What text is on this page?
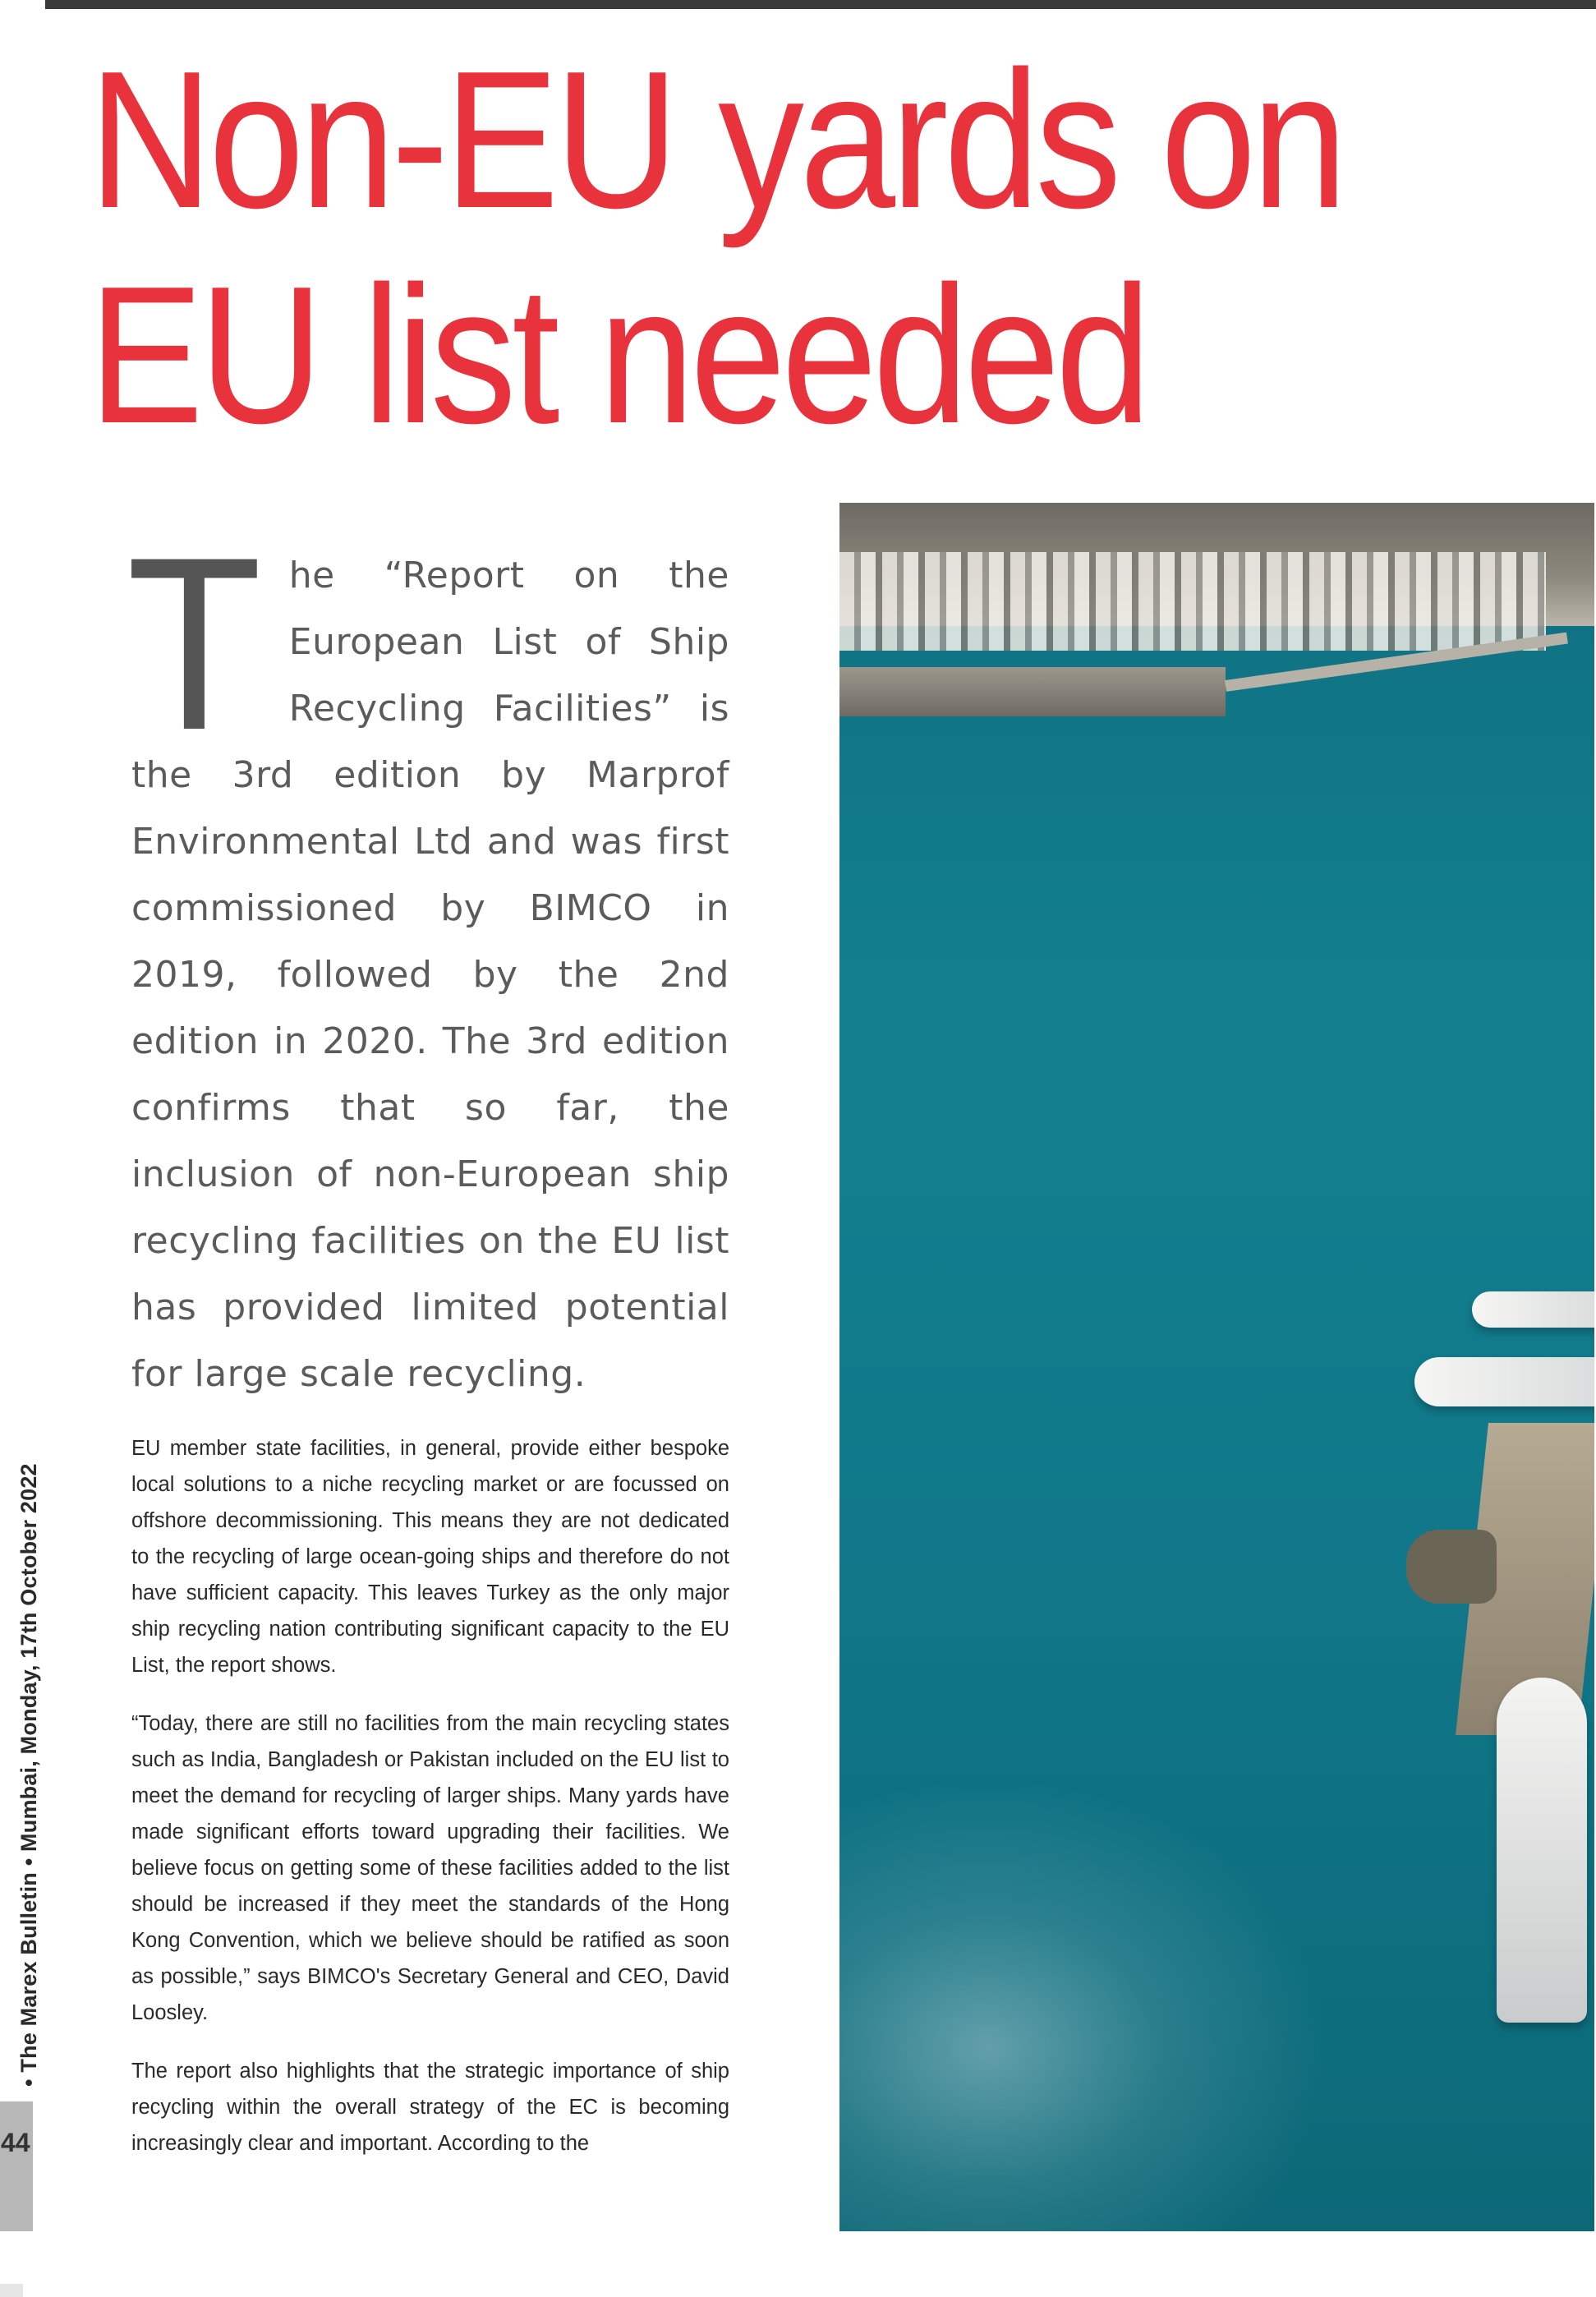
Non-EU yards on
EU list needed

The “Report on the European List of Ship Recycling Facilities” is the 3rd edition by Marprof Environmental Ltd and was first commissioned by BIMCO in 2019, followed by the 2nd edition in 2020. The 3rd edition confirms that so far, the inclusion of non-European ship recycling facilities on the EU list has provided limited potential for large scale recycling.

EU member state facilities, in general, provide either bespoke local solutions to a niche recycling market or are focussed on offshore decommissioning. This means they are not dedicated to the recycling of large ocean-going ships and therefore do not have sufficient capacity. This leaves Turkey as the only major ship recycling nation contributing significant capacity to the EU List, the report shows.

“Today, there are still no facilities from the main recycling states such as India, Bangladesh or Pakistan included on the EU list to meet the demand for recycling of larger ships. Many yards have made significant efforts toward upgrading their facilities. We believe focus on getting some of these facilities added to the list should be increased if they meet the standards of the Hong Kong Convention, which we believe should be ratified as soon as possible,” says BIMCO's Secretary General and CEO, David Loosley.

The report also highlights that the strategic importance of ship recycling within the overall strategy of the EC is becoming increasingly clear and important. According to the

• The Marex Bulletin • Mumbai, Monday, 17th October 2022
44
